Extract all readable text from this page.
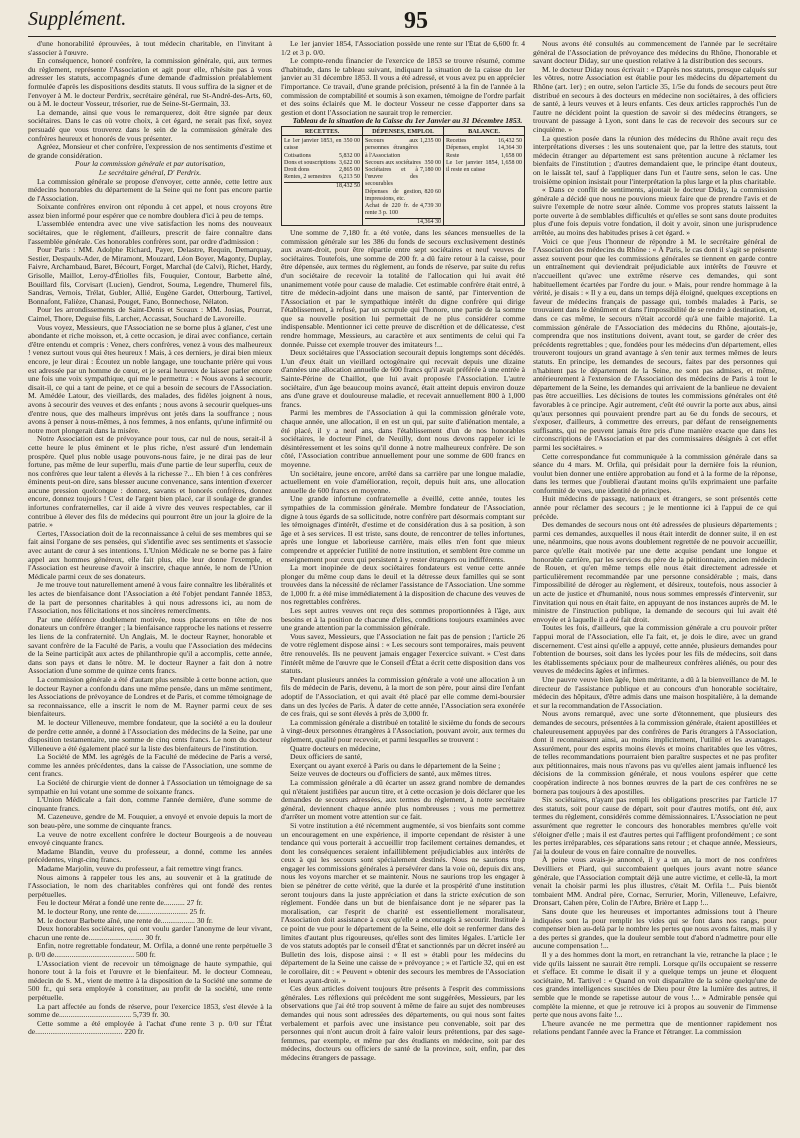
Supplément.	95

d'une honorabilité éprouvées, à tout médecin charitable, en l'invitant à s'associer à l'œuvre.

En conséquence, honoré confrère, la commission générale, qui, aux termes du règlement, représente l'Association et agit pour elle, n'hésite pas à vous adresser les statuts, accompagnés d'une demande d'admission préalablement formulée d'après les dispositions desdits statuts. Il vous suffira de la signer et de l'envoyer à M. le docteur Perdrix, secrétaire général, rue St-André-des-Arts, 60, ou à M. le docteur Vosseur, trésorier, rue de Seine-St-Germain, 33.

La demande, ainsi que vous le remarquerez, doit être signée par deux sociétaires. Dans le cas où votre choix, à cet égard, ne serait pas fixé, soyez persuadé que vous trouverez dans le sein de la commission générale des confrères heureux et honorés de vous présenter.

Agréez, Monsieur et cher confrère, l'expression de nos sentiments d'estime et de grande considération.

Pour la commission générale et par autorisation,

Le secrétaire général, D' Perdrix.

La commission générale se propose d'envoyer, cette année, cette lettre aux médecins honorables du département de la Seine qui ne font pas encore partie de l'Association.

Soixante confrères environ ont répondu à cet appel, et nous croyons être assez bien informé pour espérer que ce nombre doublera d'ici à peu de temps.

L'assemblée entendra avec une vive satisfaction les noms des nouveaux sociétaires, que le règlement, d'ailleurs, prescrit de faire connaître dans l'assemblée générale. Ces honorables confrères sont, par ordre d'admission :

Pour Paris : MM. Adolphe Richard, Payer, Delastre, Requin, Demarquay, Sestier, Despaulx-Ader, de Miramont, Mouzard, Léon Boyer, Magonty, Duplay, Faivre, Archambaud, Baret, Bécourt, Forget, Marchal (de Calvi), Richet, Hardy, Grisolle, Maillot, Leroy-d'Étiolles fils, Fouquier, Contour, Barbette aîné, Bouillard fils, Corvisart (Lucien), Gendrot, Souma, Legendre, Thumerel fils, Sandras, Vernois, Trélat, Gubler, Allié, Eugène Gardet, Otterbourg, Tartivel, Bonnafont, Falièze, Chanasi, Pouget, Fano, Bonnechose, Nélaton.

Pour les arrondissements de Saint-Denis et Sceaux : MM. Josias, Pourrat, Caimel, Thore, Deguise fils, Larcher, Accassat, Souchard de Lavoreille.

Vous voyez, Messieurs, que l'Association ne se borne plus à glaner, c'est une abondante et riche moisson, et, à cette occasion, je dirai avec confiance, certain d'être entendu et compris : Venez, chers confrères, venez à vous des malheureux ! venez surtout vous qui êtes heureux ! Mais, à ces derniers, je dirai bien mieux encore, je leur dirai : Écoutez un noble langage, une touchante prière qui vous est adressée par un homme de cœur, et je serai heureux de laisser parler encore une fois une voix sympathique, qui me le permettra : « Nous avons à secourir, disait-il, ce qui a tant de peine, et ce qui a besoin de secours de l'Association. M. Amédée Latour, des vieillards, des malades, des fidèles joignent à nous, avons à secourir des veuves et des enfants ; nous avons à secourir quelques-uns d'entre nous, que des malheurs imprévus ont jetés dans la souffrance ; nous avons à penser à nous-mêmes, à nos femmes, à nos enfants, qu'une infirmité ou notre mort plongerait dans la misère.

Notre Association est de prévoyance pour tous, car nul de nous, serait-il à cette heure le plus éminent et le plus riche, n'est assuré d'un lendemain prospère. Quel plus noble usage pouvons-nous faire, je ne dirai pas de leur fortune, pas même de leur superflu, mais d'une partie de leur superflu, ceux de nos confrères que leur talent a élevés à la richesse ?... Eh bien ! à ces confrères éminents peut-on dire, sans blesser aucune convenance, sans intention d'exercer aucune pression quelconque : donnez, savants et honorés confrères, donnez encore, donnez toujours ! C'est de l'argent bien placé, car il soulage de grandes infortunes confraternelles, car il aide à vivre des veuves respectables, car il contribue à élever des fils de médecins qui pourront être un jour la gloire de la patrie. »

Certes, l'Association doit de la reconnaissance à celui de ses membres qui se fait ainsi l'organe de ses pensées, qui s'identifie avec ses sentiments et s'associe avec autant de cœur à ses intentions. L'Union Médicale ne se borne pas à faire appel aux hommes généreux, elle fait plus, elle leur donne l'exemple, et l'Association est heureuse d'avoir à inscrire, chaque année, le nom de l'Union Médicale parmi ceux de ses donateurs.

Je me trouve tout naturellement amené à vous faire connaître les libéralités et les actes de bienfaisance dont l'Association a été l'objet pendant l'année 1853, de la part de personnes charitables à qui nous adressons ici, au nom de l'Association, nos félicitations et nos sincères remercîments.

Par une déférence doublement motivée, nous placerons en tête de nos donateurs un confrère étranger ; la bienfaisance rapproche les nations et resserre les liens de la confraternité. Un Anglais, M. le docteur Rayner, honorable et savant confrère de la Faculté de Paris, a voulu que l'Association des médecins de la Seine participât aux actes de philanthropie qu'il a accomplis, cette année, dans son pays et dans le nôtre. M. le docteur Rayner a fait don à notre Association d'une somme de quinze cents francs.

La commission générale a été d'autant plus sensible à cette bonne action, que le docteur Rayner a confondu dans une même pensée, dans un même sentiment, les Associations de prévoyance de Londres et de Paris, et comme témoignage de sa reconnaissance, elle a inscrit le nom de M. Rayner parmi ceux de ses bienfaiteurs.

M. le docteur Villeneuve, membre fondateur, que la société a eu la douleur de perdre cette année, a donné à l'Association des médecins de la Seine, par une disposition testamentaire, une somme de cinq cents francs. Le nom du docteur Villeneuve a été également placé sur la liste des bienfaiteurs de l'institution.

La Société de MM. les agrégés de la Faculté de médecine de Paris a versé, comme les années précédentes, dans la caisse de l'Association, une somme de cent francs.

La Société de chirurgie vient de donner à l'Association un témoignage de sa sympathie en lui votant une somme de soixante francs.

L'Union Médicale a fait don, comme l'année dernière, d'une somme de cinquante francs.

M. Cazeneuve, gendre de M. Fouquier, a envoyé et envoie depuis la mort de son beau-père, une somme de cinquante francs.

La veuve de notre excellent confrère le docteur Bourgeois a de nouveau envoyé cinquante francs.

Madame Blandin, veuve du professeur, a donné, comme les années précédentes, vingt-cinq francs.

Madame Marjolin, veuve du professeur, a fait remettre vingt francs.

Nous aimons à rappeler tous les ans, au souvenir et à la gratitude de l'Association, le nom des charitables confrères qui ont fondé des rentes perpétuelles.

Feu le docteur Mérat a fondé une rente de........... 27 fr.

M. le docteur Rony, une rente de........................... 25 fr.

M. le docteur Barbette aîné, une rente de.................. 30 fr.

Deux honorables sociétaires, qui ont voulu garder l'anonyme de leur vivant, chacun une rente de............................. 30 fr.

Enfin, notre regrettable fondateur, M. Orfila, a donné une rente perpétuelle 3 p. 0/0 de.......................................... 500 fr.

L'Association vient de recevoir un témoignage de haute sympathie, qui honore tout à la fois et l'œuvre et le bienfaiteur. M. le docteur Comneau, médecin de S. M., vient de mettre à la disposition de la Société une somme de 500 fr., qui sera employée à constituer, au profit de la société, une rente perpétuelle.

La part affectée au fonds de réserve, pour l'exercice 1853, s'est élevée à la somme de...................................... 5,739 fr. 30.

Cette somme a été employée à l'achat d'une rente 3 p. 0/0 sur l'État de.............................................. 220 fr.

Le 1er janvier 1854, l'Association possède une rente sur l'État de 6,600 fr. 4 1/2 et 3 p. 0/0.

Le compte-rendu financier de l'exercice de 1853 se trouve résumé, comme d'habitude, dans le tableau suivant, indiquant la situation de la caisse du 1er janvier au 31 décembre 1853. Il vous a été adressé, et vous avez pu en apprécier l'importance. Ce travail, d'une grande précision, présenté à la fin de l'année à la commission de comptabilité et soumis à son examen, témoigne de l'ordre parfait et des soins éclairés que M. le docteur Vosseur ne cesse d'apporter dans sa gestion et dont l'Association ne saurait trop le remercier.

Tableau de la situation de la Caisse du 1er Janvier au 31 Décembre 1853.

RECETTES.
Le 1er janvier 1853, en caisse
350 00
Cotisations	5,832 00
Dons et souscriptions 3,622 00
Droit dons	2,865 00
Rentes, 2 semestres	6,213 50
18,432 50
DÉPENSES, EMPLOI.
Secours aux personnes étrangères à l'Association
1,235 00
Secours aux sociétaires 350 00
Sociétaires et à l'œuvre des secourables
7,180 00
Dépenses de gestion, impressions, etc.
820 60
Achat de 220 fr. de rente 3 p. 100
4,739 30
14,364 30
BALANCE.
Recettes	16,432 50
Dépenses, emploi	14,364 30
Reste	1,658 00
Le 1er janvier 1854, il reste en caisse
1,658 00

Une somme de 7,180 fr. a été votée, dans les séances mensuelles de la commission générale sur les 386 du fonds de secours exclusivement destinés aux avant-droit, pour être répartie entre sept sociétaires et neuf veuves de sociétaires. Toutefois, une somme de 200 fr. a dû faire retour à la caisse, pour être dépensée, aux termes du règlement, au fonds de réserve, par suite du refus d'un sociétaire de recevoir la totalité de l'allocation qui lui avait été unanimement votée pour cause de maladie. Cet estimable confrère était entré, à titre de médecin-adjoint dans une maison de santé, par l'intervention de l'Association et par le sympathique intérêt du digne confrère qui dirige l'établissement, à refusé, par un scrupule qui l'honore, une partie de la somme que sa nouvelle position lui permettait de ne plus considérer comme indispensable. Mentionner ici cette preuve de discrétion et de délicatesse, c'est rendre hommage, Messieurs, au caractère et aux sentiments de celui qui l'a donnée. Puisse cet exemple trouver des imitateurs !...

Deux sociétaires que l'Association secourait depuis longtemps sont décédés. L'un d'eux était un vieillard octogénaire qui recevait depuis une dizaine d'années une allocation annuelle de 600 francs qu'il avait préférée à une entrée à Sainte-Périne de Chaillot, que lui avait proposée l'Association. L'autre sociétaire, d'un âge beaucoup moins avancé, était atteint depuis environ douze ans d'une grave et douloureuse maladie, et recevait annuellement 800 à 1,000 francs.

Parmi les membres de l'Association à qui la commission générale vote, chaque année, une allocation, il en est un qui, par suite d'aliénation mentale, a été placé, il y a neuf ans, dans l'établissement d'un de nos honorables sociétaires, le docteur Pinel, de Neuilly, dont nous devons rappeler ici le désintéressement et les soins qu'il donne à notre malheureux confrère. De son côté, l'Association contribue annuellement pour une somme de 600 francs en moyenne.

Un sociétaire, jeune encore, arrêté dans sa carrière par une longue maladie, actuellement en voie d'amélioration, reçoit, depuis huit ans, une allocation annuelle de 600 francs en moyenne.

Une grande infortune confraternelle a éveillé, cette année, toutes les sympathies de la commission générale. Membre fondateur de l'Association, digne à tous égards de sa sollicitude, notre confrère part désormais comptant sur les témoignages d'intérêt, d'estime et de considération dus à sa position, à son âge et à ses services. Il est triste, sans doute, de rencontrer de telles infortunes, après une longue et laborieuse carrière, mais elles n'en font que mieux comprendre et apprécier l'utilité de notre institution, et semblent être comme un enseignement pour ceux qui persistent à y rester étrangers ou indifférents.

La mort inopinée de deux sociétaires fondateurs est venue cette année plonger du même coup dans le deuil et la détresse deux familles qui se sont trouvées dans la nécessité de réclamer l'assistance de l'Association. Une somme de 1,000 fr. a été mise immédiatement à la disposition de chacune des veuves de nos regrettables confrères.

Les sept autres veuves ont reçu des sommes proportionnées à l'âge, aux besoins et à la position de chacune d'elles, conditions toujours examinées avec une grande attention par la commission générale.

Vous savez, Messieurs, que l'Association ne fait pas de pension ; l'article 26 de votre règlement dispose ainsi : « Les secours sont temporaires, mais peuvent être renouvelés. Ils ne peuvent jamais engager l'exercice suivant. » C'est dans l'intérêt même de l'œuvre que le Conseil d'État a écrit cette disposition dans vos statuts.

Pendant plusieurs années la commission générale a voté une allocation à un fils de médecin de Paris, devenu, à la mort de son père, pour ainsi dire l'enfant adoptif de l'Association, et qui avait été placé par elle comme demi-boursier dans un des lycées de Paris. À dater de cette année, l'Association sera exonérée de ces frais, qui se sont élevés à près de 3,000 fr.

La commission générale a distribué en totalité le sixième du fonds de secours à vingt-deux personnes étrangères à l'Association, pouvant avoir, aux termes du règlement, qualité pour recevoir, et parmi lesquelles se trouvent :

Quatre docteurs en médecine,

Deux officiers de santé,

Exerçant ou ayant exercé à Paris ou dans le département de la Seine ;

Seize veuves de docteurs ou d'officiers de santé, aux mêmes titres.

La commission générale a dû écarter un assez grand nombre de demandes qui n'étaient justifiées par aucun titre, et à cette occasion je dois déclarer que les demandes de secours adressées, aux termes du règlement, à notre secrétaire général, deviennent chaque année plus nombreuses ; vous me permettrez d'arrêter un moment votre attention sur ce fait.

Si votre institution a été récemment augmentée, si vos bienfaits sont comme un encouragement en une expérience, il importe cependant de résister à une tendance qui vous porterait à accueillir trop facilement certaines demandes, et dont les conséquences seraient infailliblement préjudiciables aux intérêts de ceux à qui les secours sont spécialement destinés. Nous ne saurions trop engager les commissions générales à persévérer dans la voie où, depuis dix ans, nous les voyons marcher et se maintenir. Nous ne saurions trop les engager à bien se pénétrer de cette vérité, que la durée et la prospérité d'une institution seront toujours dans la juste appréciation et dans la stricte exécution de son règlement. Fondée dans un but de bienfaisance dont je ne séparer pas la moralisation, car l'esprit de charité est essentiellement moralisateur, l'Association doit assistance à ceux qu'elle a encouragés à secourir. Instituée à ce point de vue pour le département de la Seine, elle doit se renfermer dans des limites d'autant plus rigoureuses, qu'elles sont des limites légales. L'article 1er de vos statuts adoptés par le conseil d'État et sanctionnés par un décret inséré au Bulletin des lois, dispose ainsi : « Il est » établi pour les médecins du département de la Seine une caisse de » prévoyance ; » et l'article 32, qui en est le corollaire, dit : « Peuvent » obtenir des secours les membres de l'Association et leurs ayant-droit. »

Ces deux articles doivent toujours être présents à l'esprit des commissions générales. Les réflexions qui précèdent me sont suggérées, Messieurs, par les observations que j'ai été trop souvent à même de faire au sujet des nombreuses demandes qui nous sont adressées des départements, ou qui nous sont faites verbalement et parfois avec une insistance peu convenable, soit par des personnes qui n'ont aucun droit à faire valoir leurs prétentions, par des sage-femmes, par exemple, et même par des étudiants en médecine, soit par des médecins, docteurs ou officiers de santé de la province, soit, enfin, par des médecins étrangers de passage.

Nous avons été consultés au commencement de l'année par le secrétaire général de l'Association de prévoyance des médecins du Rhône, l'honorable et savant docteur Diday, sur une question relative à la distribution des secours.

M. le docteur Diday nous écrivait : « D'après nos statuts, presque calqués sur les vôtres, notre Association est établie pour les médecins du département du Rhône (art. 1er) ; en outre, selon l'article 35, 1/5e du fonds de secours peut être distribué en secours à des docteurs en médecine non sociétaires, à des officiers de santé, à leurs veuves et à leurs enfants. Ces deux articles rapprochés l'un de l'autre ne décident point la question de savoir si des médecins étrangers, se trouvant de passage à Lyon, sont dans le cas de recevoir des secours sur ce cinquième. »

La question posée dans la réunion des médecins du Rhône avait reçu des interprétations diverses : les uns soutenaient que, par la lettre des statuts, tout médecin étranger au département est sans prétention aucune à réclamer les bienfaits de l'institution ; d'autres demandaient que, le principe étant douteux, on le laissât tel, sauf à l'appliquer dans l'un et l'autre sens, selon le cas. Une troisième opinion insistait pour l'interprétation la plus large et la plus charitable.

« Dans ce conflit de sentiments, ajoutait le docteur Diday, la commission générale a décidé que nous ne pouvions mieux faire que de prendre l'avis et de suivre l'exemple de notre sœur aînée. Comme vos propres statuts laissent la porte ouverte à de semblables difficultés et qu'elles se sont sans doute produites plus d'une fois depuis votre fondation, il doit y avoir, sinon une jurisprudence arrêtée, au moins des habitudes prises à cet égard. »

Voici ce que j'eus l'honneur de répondre à M. le secrétaire général de l'Association des médecins du Rhône : « À Paris, le cas dont il s'agit se présente assez souvent pour que les commissions générales se tiennent en garde contre un entraînement qui deviendrait préjudiciable aux intérêts de l'œuvre et n'accueillent qu'avec une extrême réserve ces demandes, qui sont habituellement écartées par l'ordre du jour. » Mais, pour rendre hommage à la vérité, je disais : « Il y a eu, dans un temps déjà éloigné, quelques exceptions en faveur de médecins français de passage qui, tombés malades à Paris, se trouvaient dans le dénûment et dans l'impossibilité de se rendre à destination, et, dans ce cas même, le secours n'était accordé qu'à une faible majorité. La commission générale de l'Association des médecins du Rhône, ajoutais-je, comprendra que nos institutions doivent, avant tout, se garder de créer des précédents regrettables ; que, fondées pour les médecins d'un département, elles trouveront toujours un grand avantage à s'en tenir aux termes mêmes de leurs statuts. En principe, les demandes de secours, faites par des personnes qui n'habitent pas le département de la Seine, ne sont pas admises, et même, antérieurement à l'extension de l'Association des médecins de Paris à tout le département de la Seine, les demandes qui arrivaient de la banlieue ne devaient pas être accueillies. Les décisions de toutes les commissions générales ont été favorables à ce principe. Agir autrement, c'eût été ouvrir la porte aux abus, ainsi qu'aux personnes qui pouvaient prendre part au 6e du fonds de secours, et s'exposer, d'ailleurs, à commettre des erreurs, par défaut de renseignements suffisants, qui ne peuvent jamais être pris d'une manière exacte que dans les circonscriptions de l'Association et par des commissaires désignés à cet effet parmi les sociétaires. »

Cette correspondance fut communiquée à la commission générale dans sa séance du 4 mars. M. Orfila, qui présidait pour la dernière fois la réunion, voulut bien donner une entière approbation au fond et à la forme de la réponse, dans les termes que j'oublierai d'autant moins qu'ils exprimaient une parfaite conformité de vues, une identité de principes.

Huit médecins de passage, nationaux et étrangers, se sont présentés cette année pour réclamer des secours ; je le mentionne ici à l'appui de ce qui précède.

Des demandes de secours nous ont été adressées de plusieurs départements ; parmi ces demandes, auxquelles il nous était interdit de donner suite, il en est une, néanmoins, que nous avons doublement regrettée de ne pouvoir accueillir, parce qu'elle était motivée par une dette acquise pendant une longue et honorable carrière, par les services du père de la pétitionnaire, ancien médecin de Rouen, et qu'en même temps elle nous était directement adressée et particulièrement recommandée par une personne considérable ; mais, dans l'impossibilité de déroger au règlement, et désireux, toutefois, nous associer à un acte de justice et d'humanité, nous nous sommes empressés d'intervenir, sur l'invitation qui nous en était faite, en appuyant de nos instances auprès de M. le ministre de l'instruction publique, la demande de secours qui lui avait été envoyée et à laquelle il a été fait droit.

Toutes les fois, d'ailleurs, que la commission générale a cru pouvoir prêter l'appui moral de l'Association, elle l'a fait, et, je dois le dire, avec un grand discernement. C'est ainsi qu'elle a appuyé, cette année, plusieurs demandes pour l'obtention de bourses, soit dans les lycées pour les fils de médecins, soit dans les établissements spéciaux pour de malheureux confrères aliénés, ou pour des veuves de médecins âgées et infirmes.

Une pauvre veuve bien âgée, bien méritante, a dû à la bienveillance de M. le directeur de l'assistance publique et au concours d'un honorable sociétaire, médecin des hôpitaux, d'être admis dans une maison hospitalière, à la demande et sur la recommandation de l'Association.

Nous avons remarqué, avec une sorte d'étonnement, que plusieurs des demandes de secours, présentées à la commission générale, étaient apostillées et chaleureusement appuyées par des confrères de Paris étrangers à l'Association, dont il reconnaissent ainsi, au moins implicitement, l'utilité et les avantages. Assurément, pour des esprits moins élevés et moins charitables que les vôtres, de telles recommandations pourraient bien paraître suspectes et ne pas profiter aux pétitionnaires, mais nous n'avons pas vu qu'elles aient jamais influencé les décisions de la commission générale, et nous voulons espérer que cette coopération indirecte à nos bonnes œuvres de la part de ces confrères ne se bornera pas toujours à des apostilles.

Six sociétaires, n'ayant pas rempli les obligations prescrites par l'article 17 des statuts, soit pour cause de départ, soit pour d'autres motifs, ont été, aux termes du règlement, considérés comme démissionnaires. L'Association ne peut assurément que regretter le concours des honorables membres qu'elle voit s'éloigner d'elle ; mais il est d'autres pertes qui l'affligent profondément ; ce sont les pertes irréparables, ces séparations sans retour ; et chaque année, Messieurs, j'ai la douleur de vous en faire connaître de nouvelles.

À peine vous avais-je annoncé, il y a un an, la mort de nos confrères Devilliers et Piard, qui succombaient quelques jours avant notre séance générale, que l'Association comptait déjà une autre victime, et celle-là, la mort venait la choisir parmi les plus illustres, c'était M. Orfila !... Puis bientôt tombaient MM. Andral père, Cornac, Serrurier, Morin, Villeneuve, Lefaivre, Dronsart, Cahen père, Colin de l'Arbre, Brière et Lapp !...

Sans doute que les heureuses et importantes admissions tout à l'heure indiquées sont la pour remplir les vides qui se font dans nos rangs, pour compenser bien au-delà par le nombre les pertes que nous avons faites, mais il y a des pertes si grandes, que la douleur semble tout d'abord n'admettre pour elle aucune compensation !...

Il y a des hommes dont la mort, en retranchant la vie, retranche la place ; le vide qu'ils laissent ne saurait être rempli. Lorsque qu'ils occupaient se resserre et s'efface. Et comme le disait il y a quelque temps un jeune et éloquent sociétaire, M. Tartivel : « Quand on voit disparaître de la scène quelqu'une de ces grandes intelligences suscitées de Dieu pour être la lumière des autres, il semble que le monde se rapetisse autour de vous !... » Admirable pensée qui complète la mienne, et que je retrouve ici à propos au souvenir de l'immense perte que nous avons faite !...

L'heure avancée ne me permettra que de mentionner rapidement nos relations pendant l'année avec la France et l'étranger. La commission
